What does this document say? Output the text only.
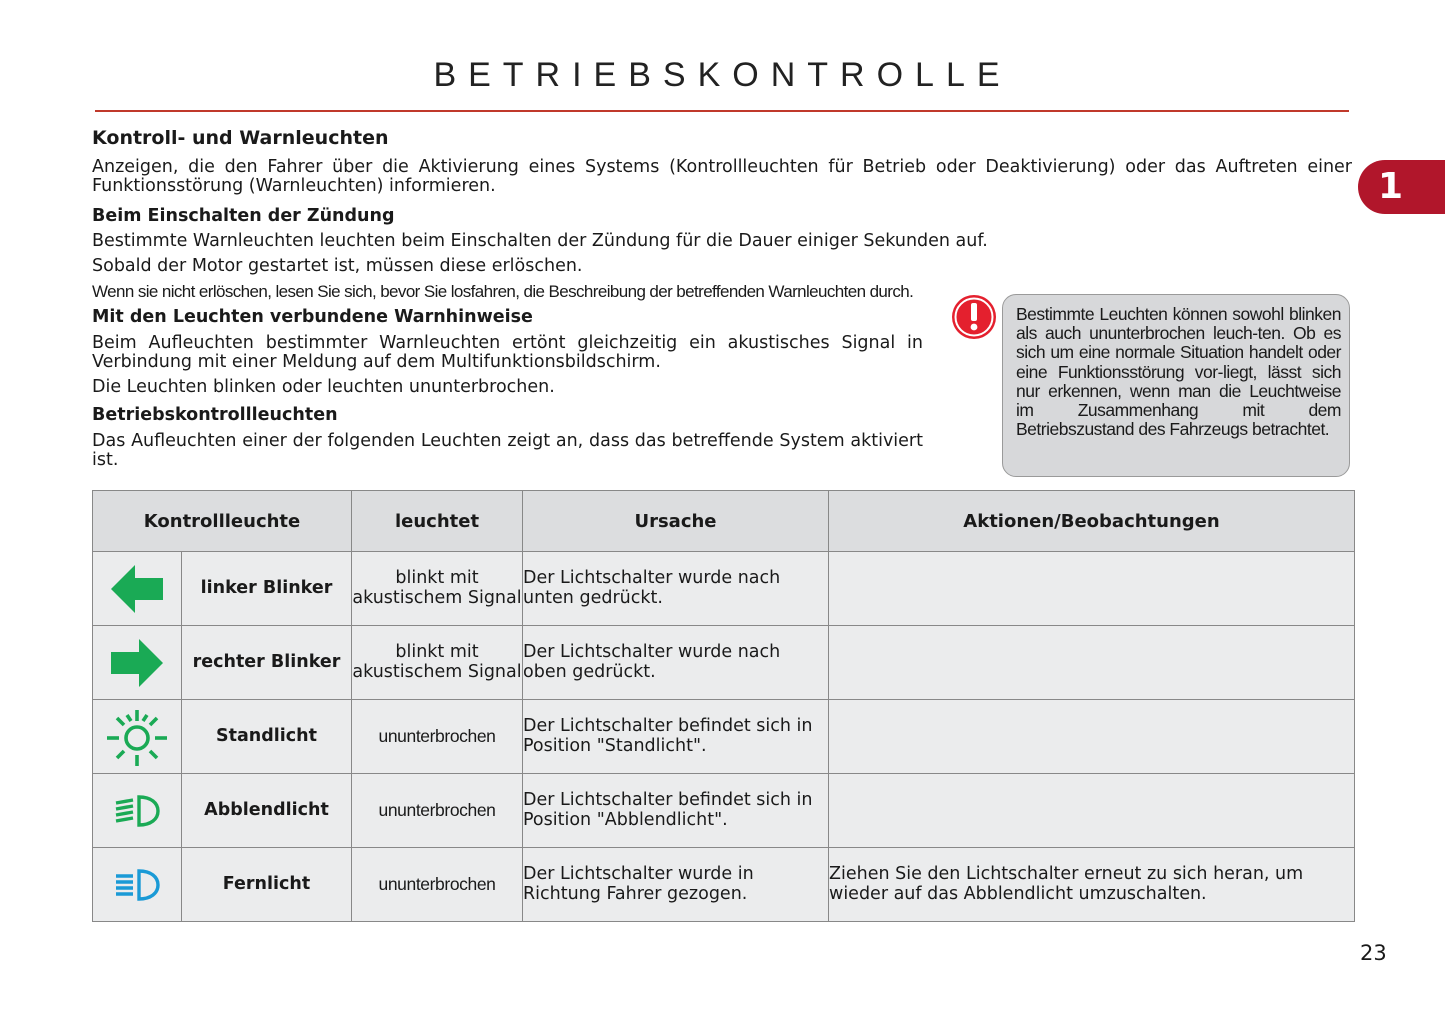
BETRIEBSKONTROLLE
1
Kontroll- und Warnleuchten
Anzeigen, die den Fahrer über die Aktivierung eines Systems (Kontrollleuchten für Betrieb oder Deaktivierung) oder das Auftreten einer Funktionsstörung (Warnleuchten) informieren.
Beim Einschalten der Zündung
Bestimmte Warnleuchten leuchten beim Einschalten der Zündung für die Dauer einiger Sekunden auf.
Sobald der Motor gestartet ist, müssen diese erlöschen.
Wenn sie nicht erlöschen, lesen Sie sich, bevor Sie losfahren, die Beschreibung der betreffenden Warnleuchten durch.
Mit den Leuchten verbundene Warnhinweise
Beim Aufleuchten bestimmter Warnleuchten ertönt gleichzeitig ein akustisches Signal in Verbindung mit einer Meldung auf dem Multifunktionsbildschirm.
Die Leuchten blinken oder leuchten ununterbrochen.
Betriebskontrollleuchten
Das Aufleuchten einer der folgenden Leuchten zeigt an, dass das betreffende System aktiviert ist.
Bestimmte Leuchten können sowohl blinken als auch ununterbrochen leuch-ten. Ob es sich um eine normale Situation handelt oder eine Funktionsstörung vor-liegt, lässt sich nur erkennen, wenn man die Leuchtweise im Zusammenhang mit dem Betriebszustand des Fahrzeugs betrachtet.
Kontrollleuchte		leuchtet	Ursache	Aktionen/Beobachtungen

	linker Blinker	blinkt mit akustischem Signal	Der Lichtschalter wurde nach unten gedrückt.	

	rechter Blinker	blinkt mit akustischem Signal	Der Lichtschalter wurde nach oben gedrückt.	

	Standlicht	ununterbrochen	Der Lichtschalter befindet sich in Position "Standlicht".	

	Abblendlicht	ununterbrochen	Der Lichtschalter befindet sich in Position "Abblendlicht".	

	Fernlicht	ununterbrochen	Der Lichtschalter wurde in Richtung Fahrer gezogen.	Ziehen Sie den Lichtschalter erneut zu sich heran, um wieder auf das Abblendlicht umzuschalten.
23
